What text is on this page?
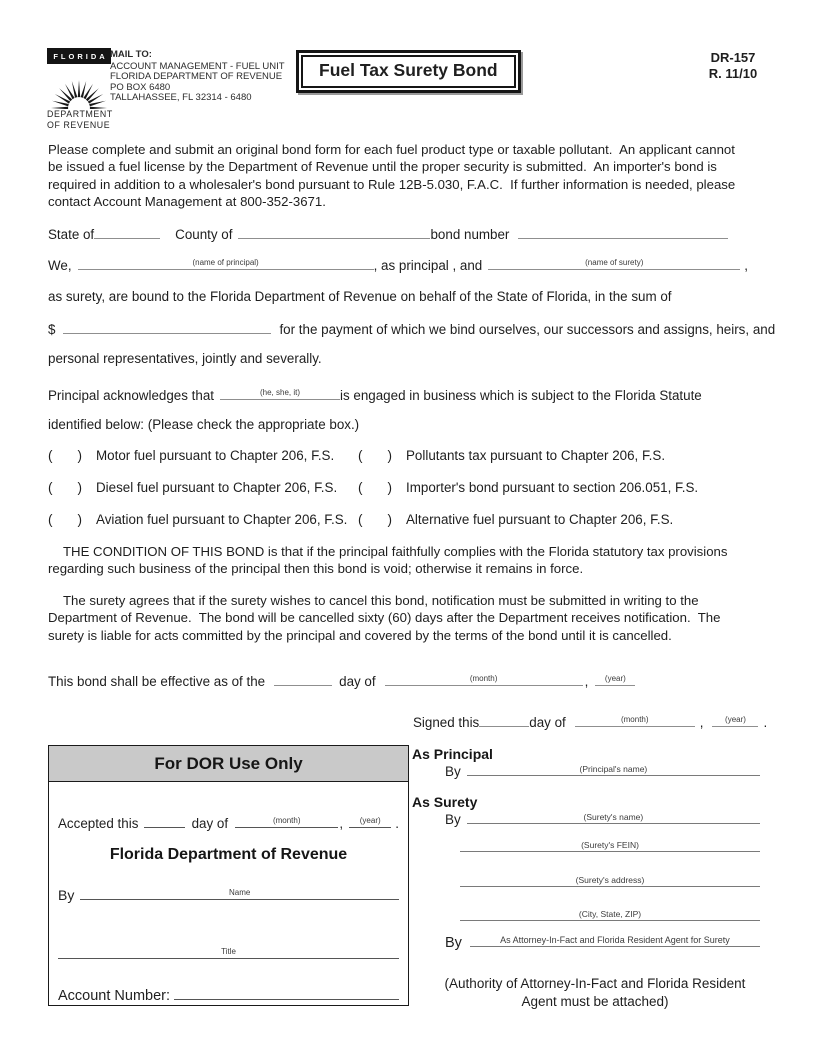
FLORIDA
DEPARTMENT
OF REVENUE
MAIL TO:
ACCOUNT MANAGEMENT - FUEL UNIT
FLORIDA DEPARTMENT OF REVENUE
PO BOX 6480
TALLAHASSEE, FL 32314 - 6480
Fuel Tax Surety Bond
DR-157
R. 11/10
Please complete and submit an original bond form for each fuel product type or taxable pollutant.  An applicant cannot
be issued a fuel license by the Department of Revenue until the proper security is submitted.  An importer's bond is
required in addition to a wholesaler's bond pursuant to Rule 12B-5.030, F.A.C.  If further information is needed, please
contact Account Management at 800-352-3671.
State of	County of	bond number
We,	(name of principal)	, as principal , and	(name of surety)	,
as surety, are bound to the Florida Department of Revenue on behalf of the State of Florida, in the sum of
$	for the payment of which we bind ourselves, our successors and assigns, heirs, and
personal representatives, jointly and severally.
Principal acknowledges that	(he, she, it)	is engaged in business which is subject to the Florida Statute
identified below: (Please check the appropriate box.)
( ) Motor fuel pursuant to Chapter 206, F.S. ( ) Pollutants tax pursuant to Chapter 206, F.S.
( ) Diesel fuel pursuant to Chapter 206, F.S. ( ) Importer's bond pursuant to section 206.051, F.S.
( ) Aviation fuel pursuant to Chapter 206, F.S. ( ) Alternative fuel pursuant to Chapter 206, F.S.
THE CONDITION OF THIS BOND is that if the principal faithfully complies with the Florida statutory tax provisions
regarding such business of the principal then this bond is void; otherwise it remains in force.
The surety agrees that if the surety wishes to cancel this bond, notification must be submitted in writing to the
Department of Revenue.  The bond will be cancelled sixty (60) days after the Department receives notification.  The
surety is liable for acts committed by the principal and covered by the terms of the bond until it is cancelled.
This bond shall be effective as of the	day of	(month)	, (year)
Signed this	day of	(month)	,	(year) .
For DOR Use Only
Accepted this	day of	(month)	, (year) .
Florida Department of Revenue
By	Name
Title
Account Number:
As Principal
By	(Principal's name)
As Surety
By	(Surety's name)
(Surety's FEIN)
(Surety's address)
(City, State, ZIP)
By	As Attorney-In-Fact and Florida Resident Agent for Surety
(Authority of Attorney-In-Fact and Florida Resident Agent must be attached)
